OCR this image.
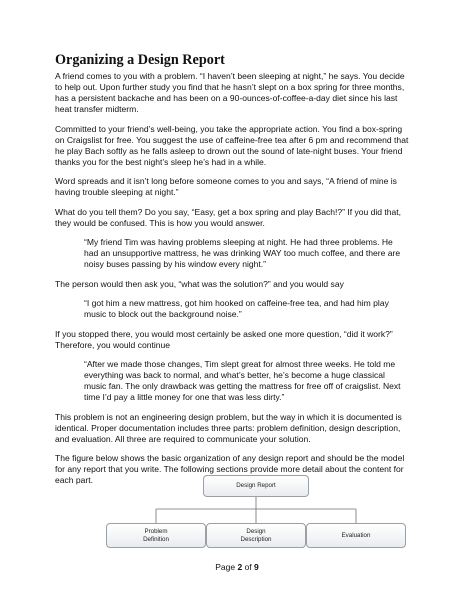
Organizing a Design Report

A friend comes to you with a problem. “I haven’t been sleeping at night,” he says. You decide to help out. Upon further study you find that he hasn’t slept on a box spring for three months, has a persistent backache and has been on a 90-ounces-of-coffee-a-day diet since his last heat transfer midterm.

Committed to your friend’s well-being, you take the appropriate action. You find a box-spring on Craigslist for free. You suggest the use of caffeine-free tea after 6 pm and recommend that he play Bach softly as he falls asleep to drown out the sound of late-night buses. Your friend thanks you for the best night’s sleep he’s had in a while.

Word spreads and it isn’t long before someone comes to you and says, “A friend of mine is having trouble sleeping at night.”

What do you tell them? Do you say, “Easy, get a box spring and play Bach!?” If you did that, they would be confused. This is how you would answer.

“My friend Tim was having problems sleeping at night. He had three problems. He had an unsupportive mattress, he was drinking WAY too much coffee, and there are noisy buses passing by his window every night.”

The person would then ask you, “what was the solution?” and you would say

“I got him a new mattress, got him hooked on caffeine-free tea, and had him play music to block out the background noise.”

If you stopped there, you would most certainly be asked one more question, “did it work?” Therefore, you would continue

“After we made those changes, Tim slept great for almost three weeks. He told me everything was back to normal, and what’s better, he’s become a huge classical music fan. The only drawback was getting the mattress for free off of craigslist. Next time I’d pay a little money for one that was less dirty.”

This problem is not an engineering design problem, but the way in which it is documented is identical. Proper documentation includes three parts: problem definition, design description, and evaluation. All three are required to communicate your solution.

The figure below shows the basic organization of any design report and should be the model for any report that you write. The following sections provide more detail about the content for each part.

Design Report
Problem
Definition
Design
Description
Evaluation
Page 2 of 9
